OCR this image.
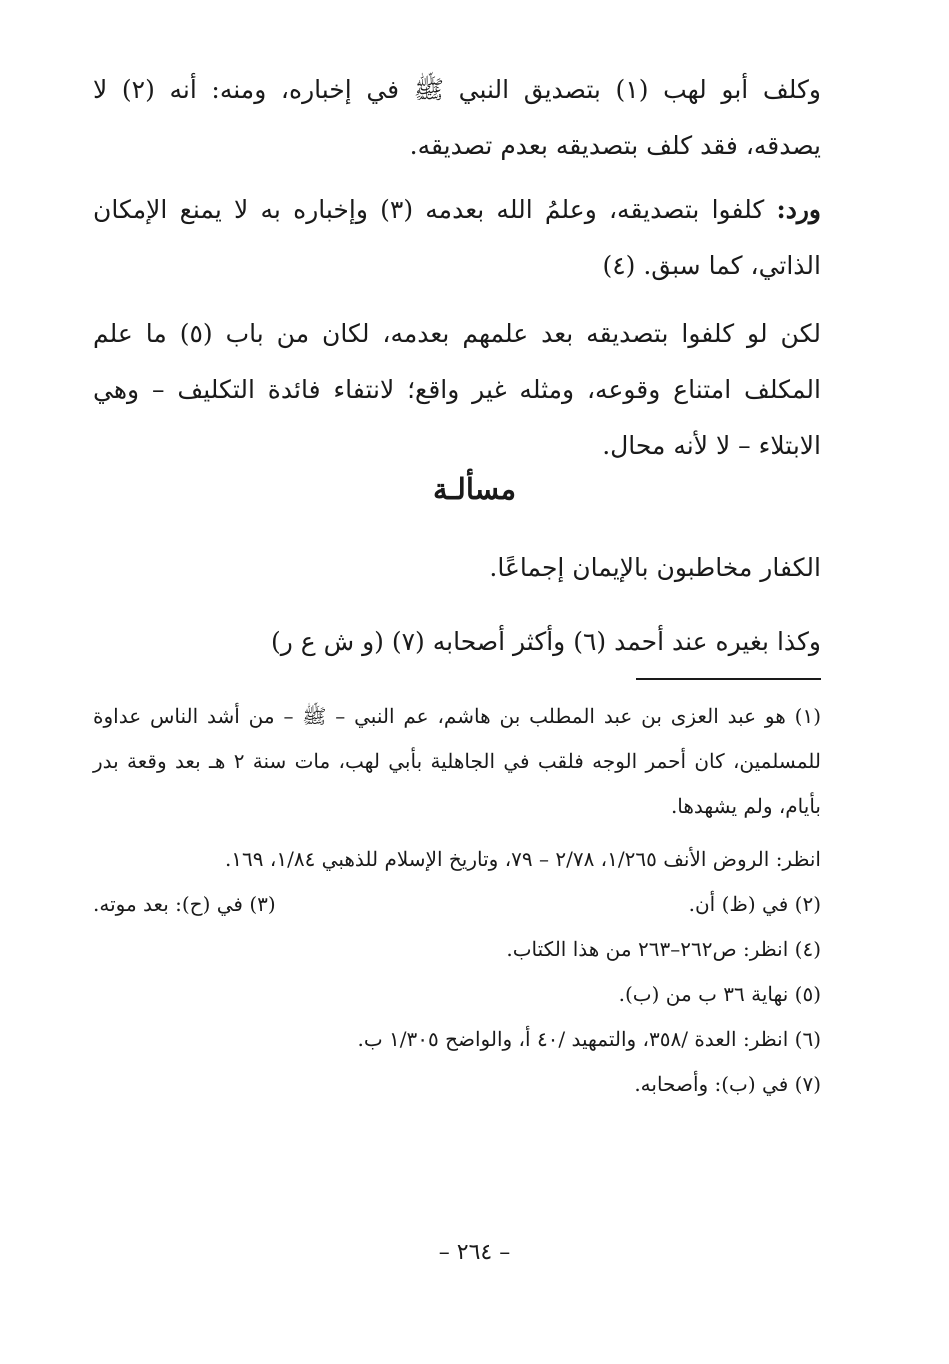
وكلف أبو لهب (١) بتصديق النبي ﷺ في إخباره، ومنه: أنه (٢) لا يصدقه، فقد كلف بتصديقه بعدم تصديقه.

ورد: كلفوا بتصديقه، وعلمُ الله بعدمه (٣) وإخباره به لا يمنع الإمكان الذاتي، كما سبق. (٤)

لكن لو كلفوا بتصديقه بعد علمهم بعدمه، لكان من باب (٥) ما علم المكلف امتناع وقوعه، ومثله غير واقع؛ لانتفاء فائدة التكليف – وهي الابتلاء – لا لأنه محال.

مسألـة

الكفار مخاطبون بالإيمان إجماعًا.

وكذا بغيره عند أحمد (٦) وأكثر أصحابه (٧) (و ش ع ر)

(١) هو عبد العزى بن عبد المطلب بن هاشم، عم النبي – ﷺ – من أشد الناس عداوة للمسلمين، كان أحمر الوجه فلقب في الجاهلية بأبي لهب، مات سنة ٢ هـ بعد وقعة بدر بأيام، ولم يشهدها.

انظر: الروض الأنف ١/٢٦٥، ٢/٧٨ – ٧٩، وتاريخ الإسلام للذهبي ١/٨٤، ١٦٩.

(٢) في (ظ) أن.
(٣) في (ح): بعد موته.

(٤) انظر: ص٢٦٢–٢٦٣ من هذا الكتاب.

(٥) نهاية ٣٦ ب من (ب).

(٦) انظر: العدة /٣٥٨، والتمهيد /٤٠ أ، والواضح ١/٣٠٥ ب.

(٧) في (ب): وأصحابه.

– ٢٦٤ –
